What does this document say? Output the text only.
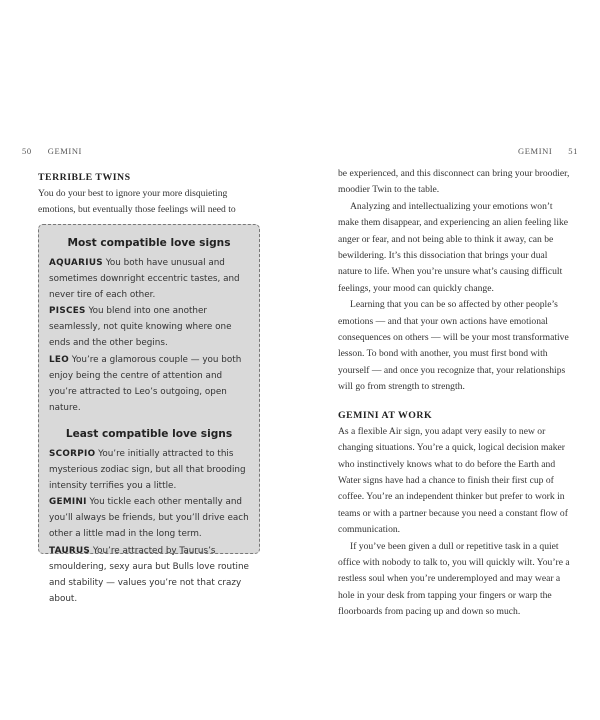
50 GEMINI
TERRIBLE TWINS

You do your best to ignore your more disquieting emotions, but eventually those feelings will need to

Most compatible love signs

AQUARIUS You both have unusual and sometimes downright eccentric tastes, and never tire of each other.

PISCES You blend into one another seamlessly, not quite knowing where one ends and the other begins.

LEO You’re a glamorous couple — you both enjoy being the centre of attention and you’re attracted to Leo’s outgoing, open nature.

Least compatible love signs

SCORPIO You’re initially attracted to this mysterious zodiac sign, but all that brooding intensity terrifies you a little.

GEMINI You tickle each other mentally and you’ll always be friends, but you’ll drive each other a little mad in the long term.

TAURUS You’re attracted by Taurus’s smouldering, sexy aura but Bulls love routine and stability — values you’re not that crazy about.

GEMINI 51

be experienced, and this disconnect can bring your broodier, moodier Twin to the table.

Analyzing and intellectualizing your emotions won’t make them disappear, and experiencing an alien feeling like anger or fear, and not being able to think it away, can be bewildering. It’s this dissociation that brings your dual nature to life. When you’re unsure what’s causing difficult feelings, your mood can quickly change.

Learning that you can be so affected by other people’s emotions — and that your own actions have emotional consequences on others — will be your most transformative lesson. To bond with another, you must first bond with yourself — and once you recognize that, your relationships will go from strength to strength.

GEMINI AT WORK

As a flexible Air sign, you adapt very easily to new or changing situations. You’re a quick, logical decision maker who instinctively knows what to do before the Earth and Water signs have had a chance to finish their first cup of coffee. You’re an independent thinker but prefer to work in teams or with a partner because you need a constant flow of communication.

If you’ve been given a dull or repetitive task in a quiet office with nobody to talk to, you will quickly wilt. You’re a restless soul when you’re underemployed and may wear a hole in your desk from tapping your fingers or warp the floorboards from pacing up and down so much.
